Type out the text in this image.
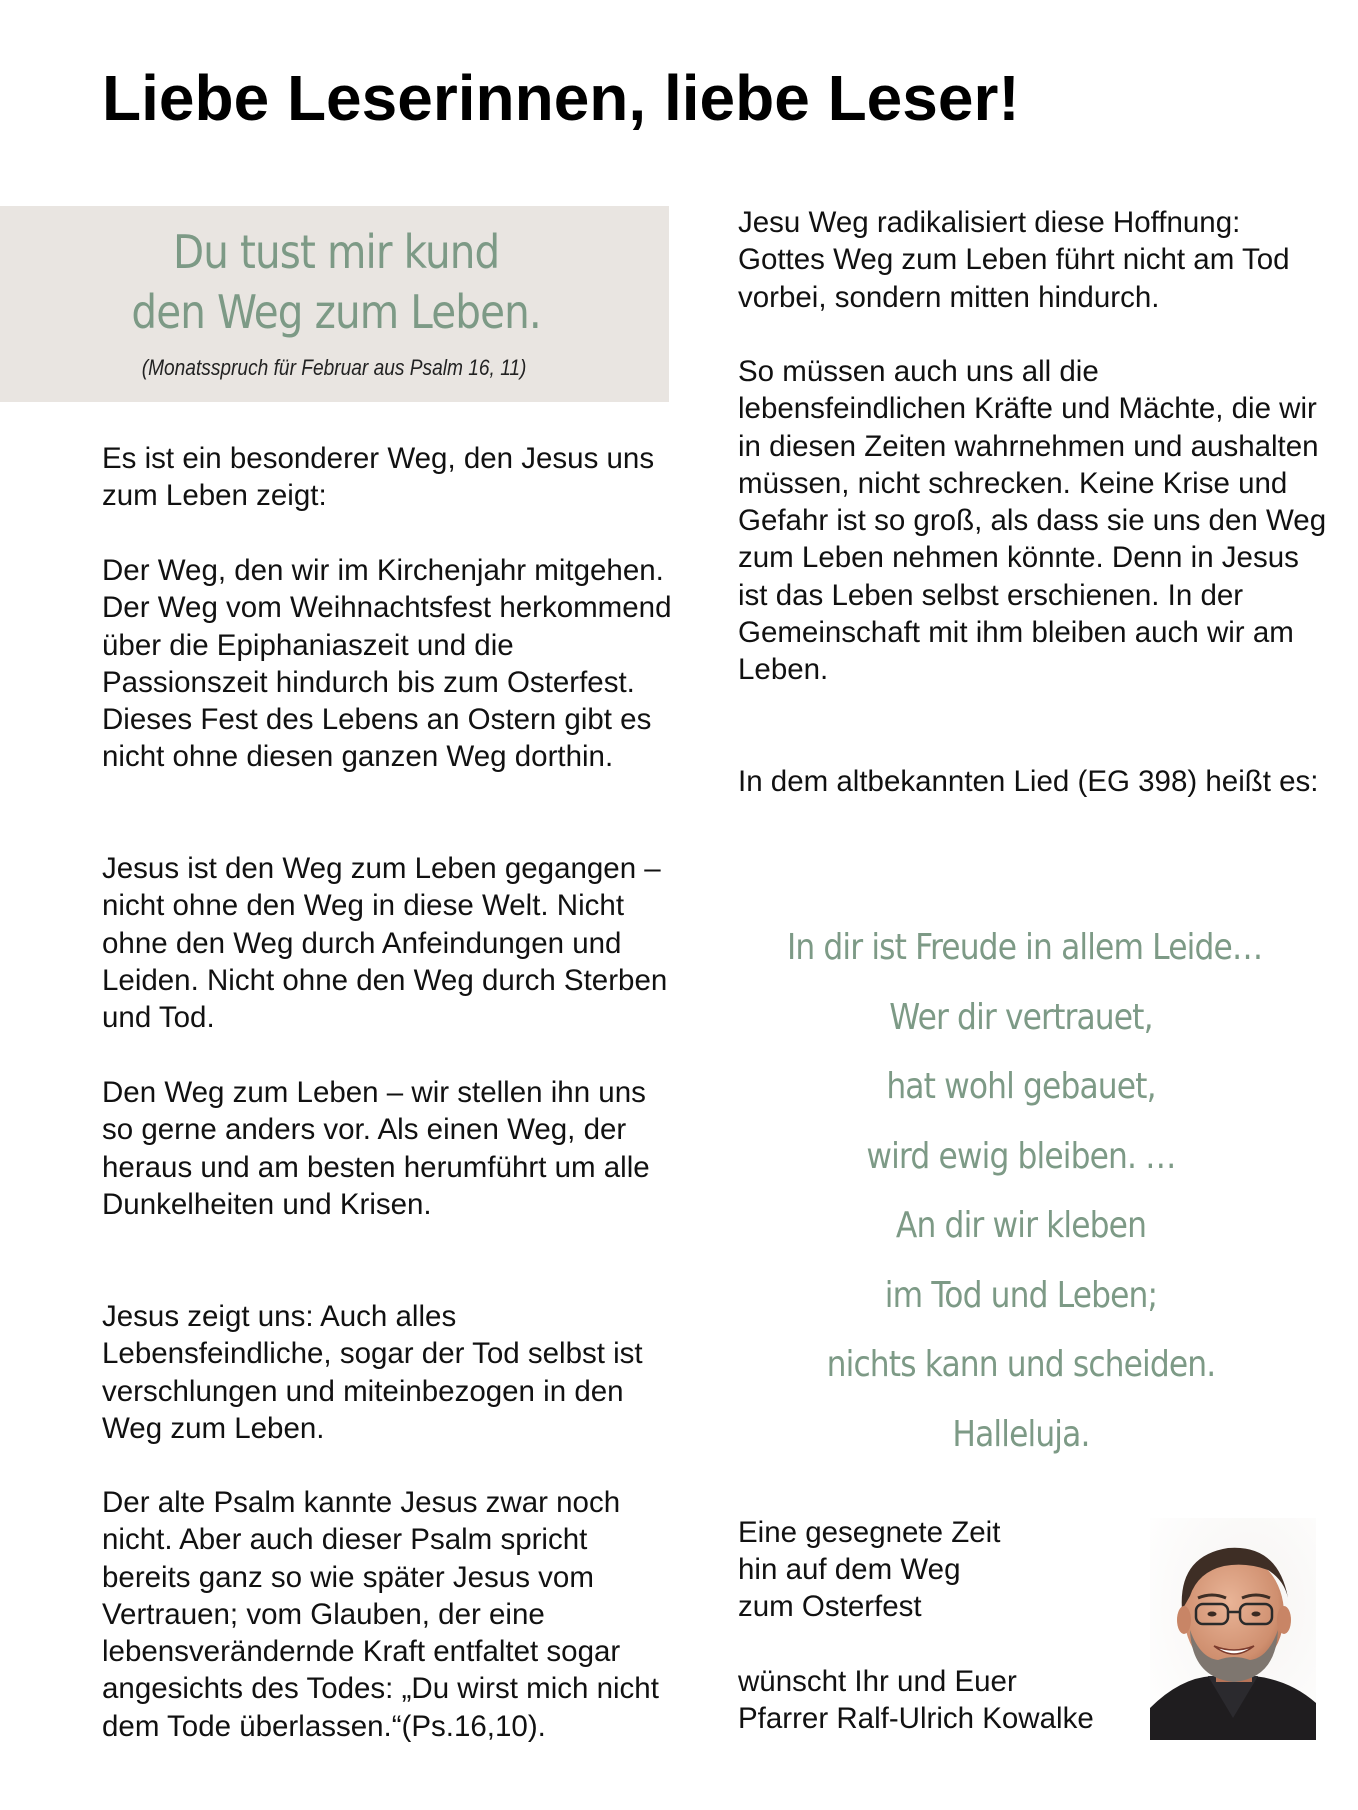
Liebe Leserinnen, liebe Leser!
Du tust mir kund
den Weg zum Leben.
(Monatsspruch für Februar aus Psalm 16, 11)

Es ist ein besonderer Weg, den Jesus uns zum Leben zeigt:

Der Weg, den wir im Kirchenjahr mitgehen. Der Weg vom Weihnachtsfest herkommend über die Epiphaniaszeit und die Passionszeit hindurch bis zum Osterfest. Dieses Fest des Lebens an Ostern gibt es nicht ohne diesen ganzen Weg dorthin.

Jesus ist den Weg zum Leben gegangen – nicht ohne den Weg in diese Welt. Nicht ohne den Weg durch Anfeindungen und Leiden. Nicht ohne den Weg durch Sterben und Tod.

Den Weg zum Leben – wir stellen ihn uns so gerne anders vor. Als einen Weg, der heraus und am besten herumführt um alle Dunkelheiten und Krisen.

Jesus zeigt uns: Auch alles Lebensfeindliche, sogar der Tod selbst ist verschlungen und miteinbezogen in den Weg zum Leben.

Der alte Psalm kannte Jesus zwar noch nicht. Aber auch dieser Psalm spricht bereits ganz so wie später Jesus vom Vertrauen; vom Glauben, der eine lebensverändernde Kraft entfaltet sogar angesichts des Todes: „Du wirst mich nicht dem Tode überlassen.“(Ps.16,10).

Jesu Weg radikalisiert diese Hoffnung: Gottes Weg zum Leben führt nicht am Tod vorbei, sondern mitten hindurch.

So müssen auch uns all die lebensfeindlichen Kräfte und Mächte, die wir in diesen Zeiten wahrnehmen und aushalten müssen, nicht schrecken. Keine Krise und Gefahr ist so groß, als dass sie uns den Weg zum Leben nehmen könnte. Denn in Jesus ist das Leben selbst erschienen. In der Gemeinschaft mit ihm bleiben auch wir am Leben.

In dem altbekannten Lied (EG 398) heißt es:

Eine gesegnete Zeit
hin auf dem Weg
zum Osterfest
wünscht Ihr und Euer
Pfarrer Ralf-Ulrich Kowalke
In dir ist Freude in allem Leide…
Wer dir vertrauet,
hat wohl gebauet,
wird ewig bleiben. …
An dir wir kleben
im Tod und Leben;
nichts kann und scheiden.
Halleluja.
